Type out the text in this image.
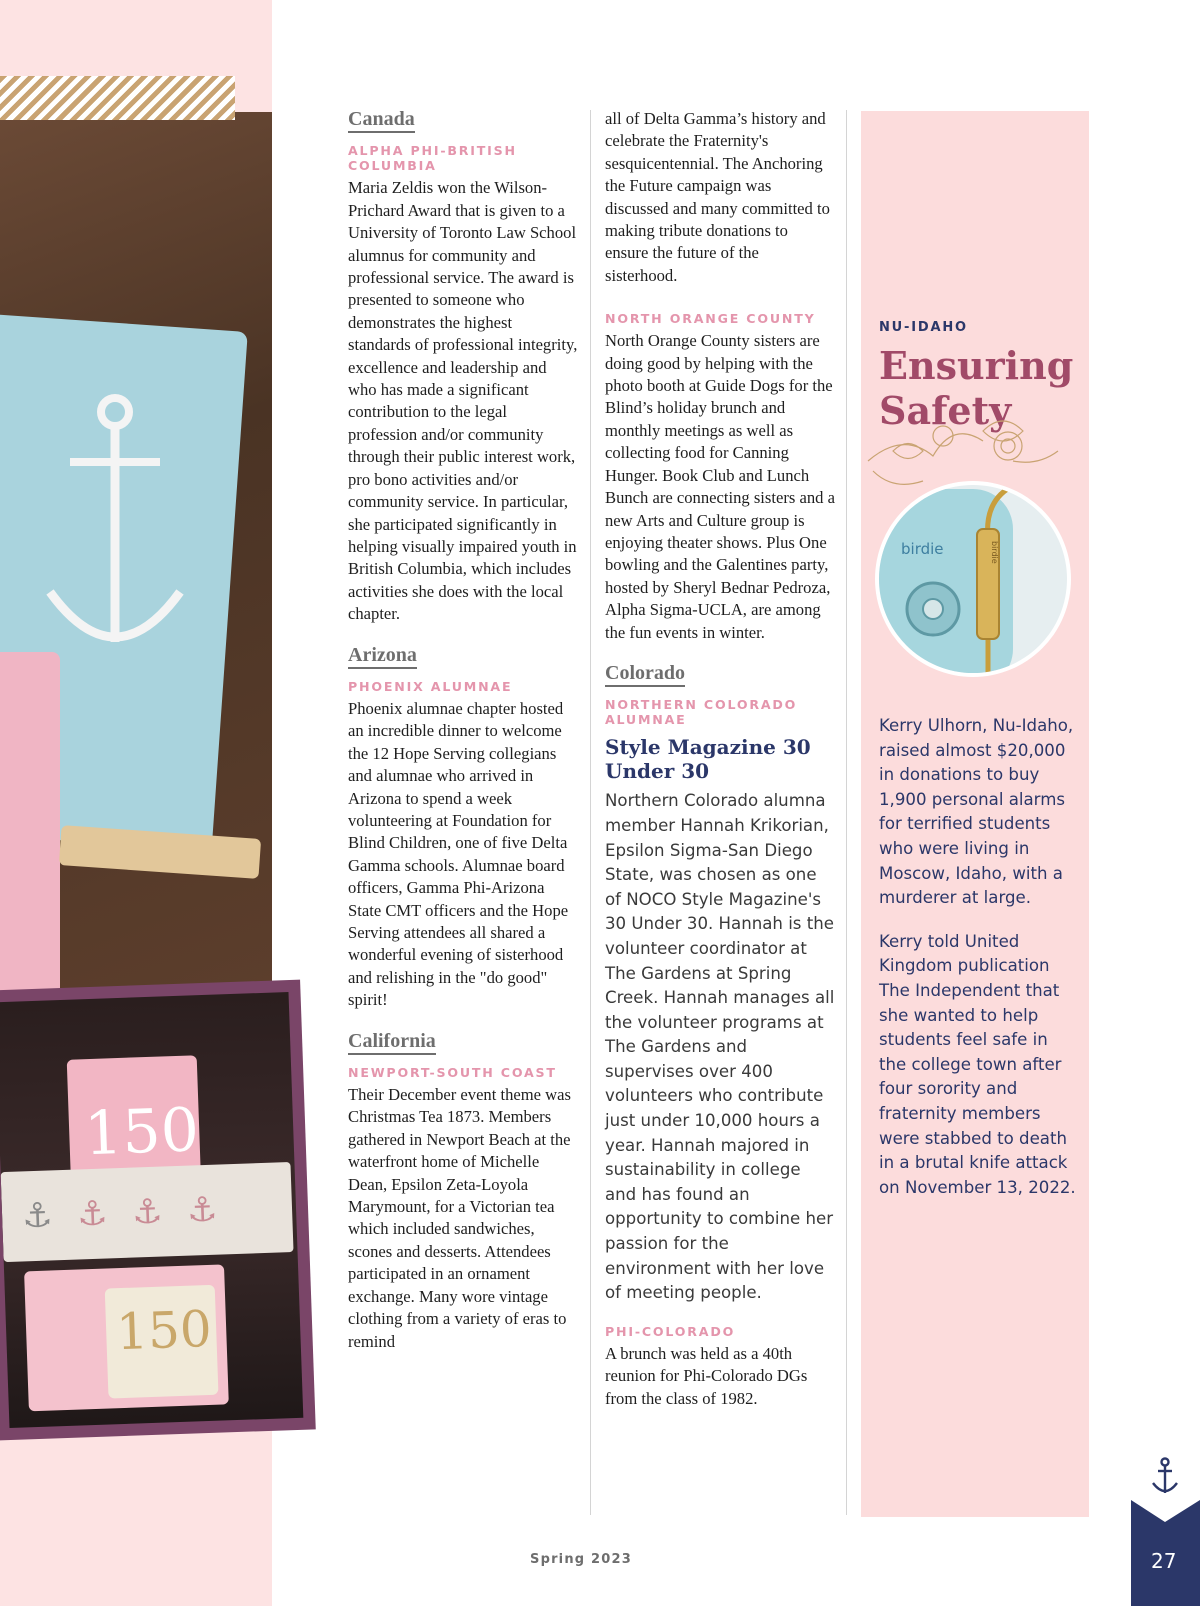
150
⚓ ⚓ ⚓ ⚓
150
Canada
ALPHA PHI-BRITISH COLUMBIA

Maria Zeldis won the Wilson-Prichard Award that is given to a University of Toronto Law School alumnus for community and professional service. The award is presented to someone who demonstrates the highest standards of professional integrity, excellence and leadership and who has made a significant contribution to the legal profession and/or community through their public interest work, pro bono activities and/or community service. In particular, she participated significantly in helping visually impaired youth in British Columbia, which includes activities she does with the local chapter.

Arizona
PHOENIX ALUMNAE

Phoenix alumnae chapter hosted an incredible dinner to welcome the 12 Hope Serving collegians and alumnae who arrived in Arizona to spend a week volunteering at Foundation for Blind Children, one of five Delta Gamma schools. Alumnae board officers, Gamma Phi-Arizona State CMT officers and the Hope Serving attendees all shared a wonderful evening of sisterhood and relishing in the "do good" spirit!

California
NEWPORT-SOUTH COAST

Their December event theme was Christmas Tea 1873. Members gathered in Newport Beach at the waterfront home of Michelle Dean, Epsilon Zeta-Loyola Marymount, for a Victorian tea which included sandwiches, scones and desserts. Attendees participated in an ornament exchange. Many wore vintage clothing from a variety of eras to remind

all of Delta Gamma’s history and celebrate the Fraternity's sesquicentennial. The Anchoring the Future campaign was discussed and many committed to making tribute donations to ensure the future of the sisterhood.

NORTH ORANGE COUNTY

North Orange County sisters are doing good by helping with the photo booth at Guide Dogs for the Blind’s holiday brunch and monthly meetings as well as collecting food for Canning Hunger. Book Club and Lunch Bunch are connecting sisters and a new Arts and Culture group is enjoying theater shows. Plus One bowling and the Galentines party, hosted by Sheryl Bednar Pedroza, Alpha Sigma-UCLA, are among the fun events in winter.

Colorado
NORTHERN COLORADO ALUMNAE
Style Magazine 30 Under 30

Northern Colorado alumna member Hannah Krikorian, Epsilon Sigma-San Diego State, was chosen as one of NOCO Style Magazine's 30 Under 30. Hannah is the volunteer coordinator at The Gardens at Spring Creek. Hannah manages all the volunteer programs at The Gardens and supervises over 400 volunteers who contribute just under 10,000 hours a year. Hannah majored in sustainability in college and has found an opportunity to combine her passion for the environment with her love of meeting people.

PHI-COLORADO

A brunch was held as a 40th reunion for Phi-Colorado DGs from the class of 1982.

NU-IDAHO
Ensuring Safety
birdie	birdie

Kerry Ulhorn, Nu-Idaho, raised almost $20,000 in donations to buy 1,900 personal alarms for terrified students who were living in Moscow, Idaho, with a murderer at large.

Kerry told United Kingdom publication The Independent that she wanted to help students feel safe in the college town after four sorority and fraternity members were stabbed to death in a brutal knife attack on November 13, 2022.

Spring 2023	27
